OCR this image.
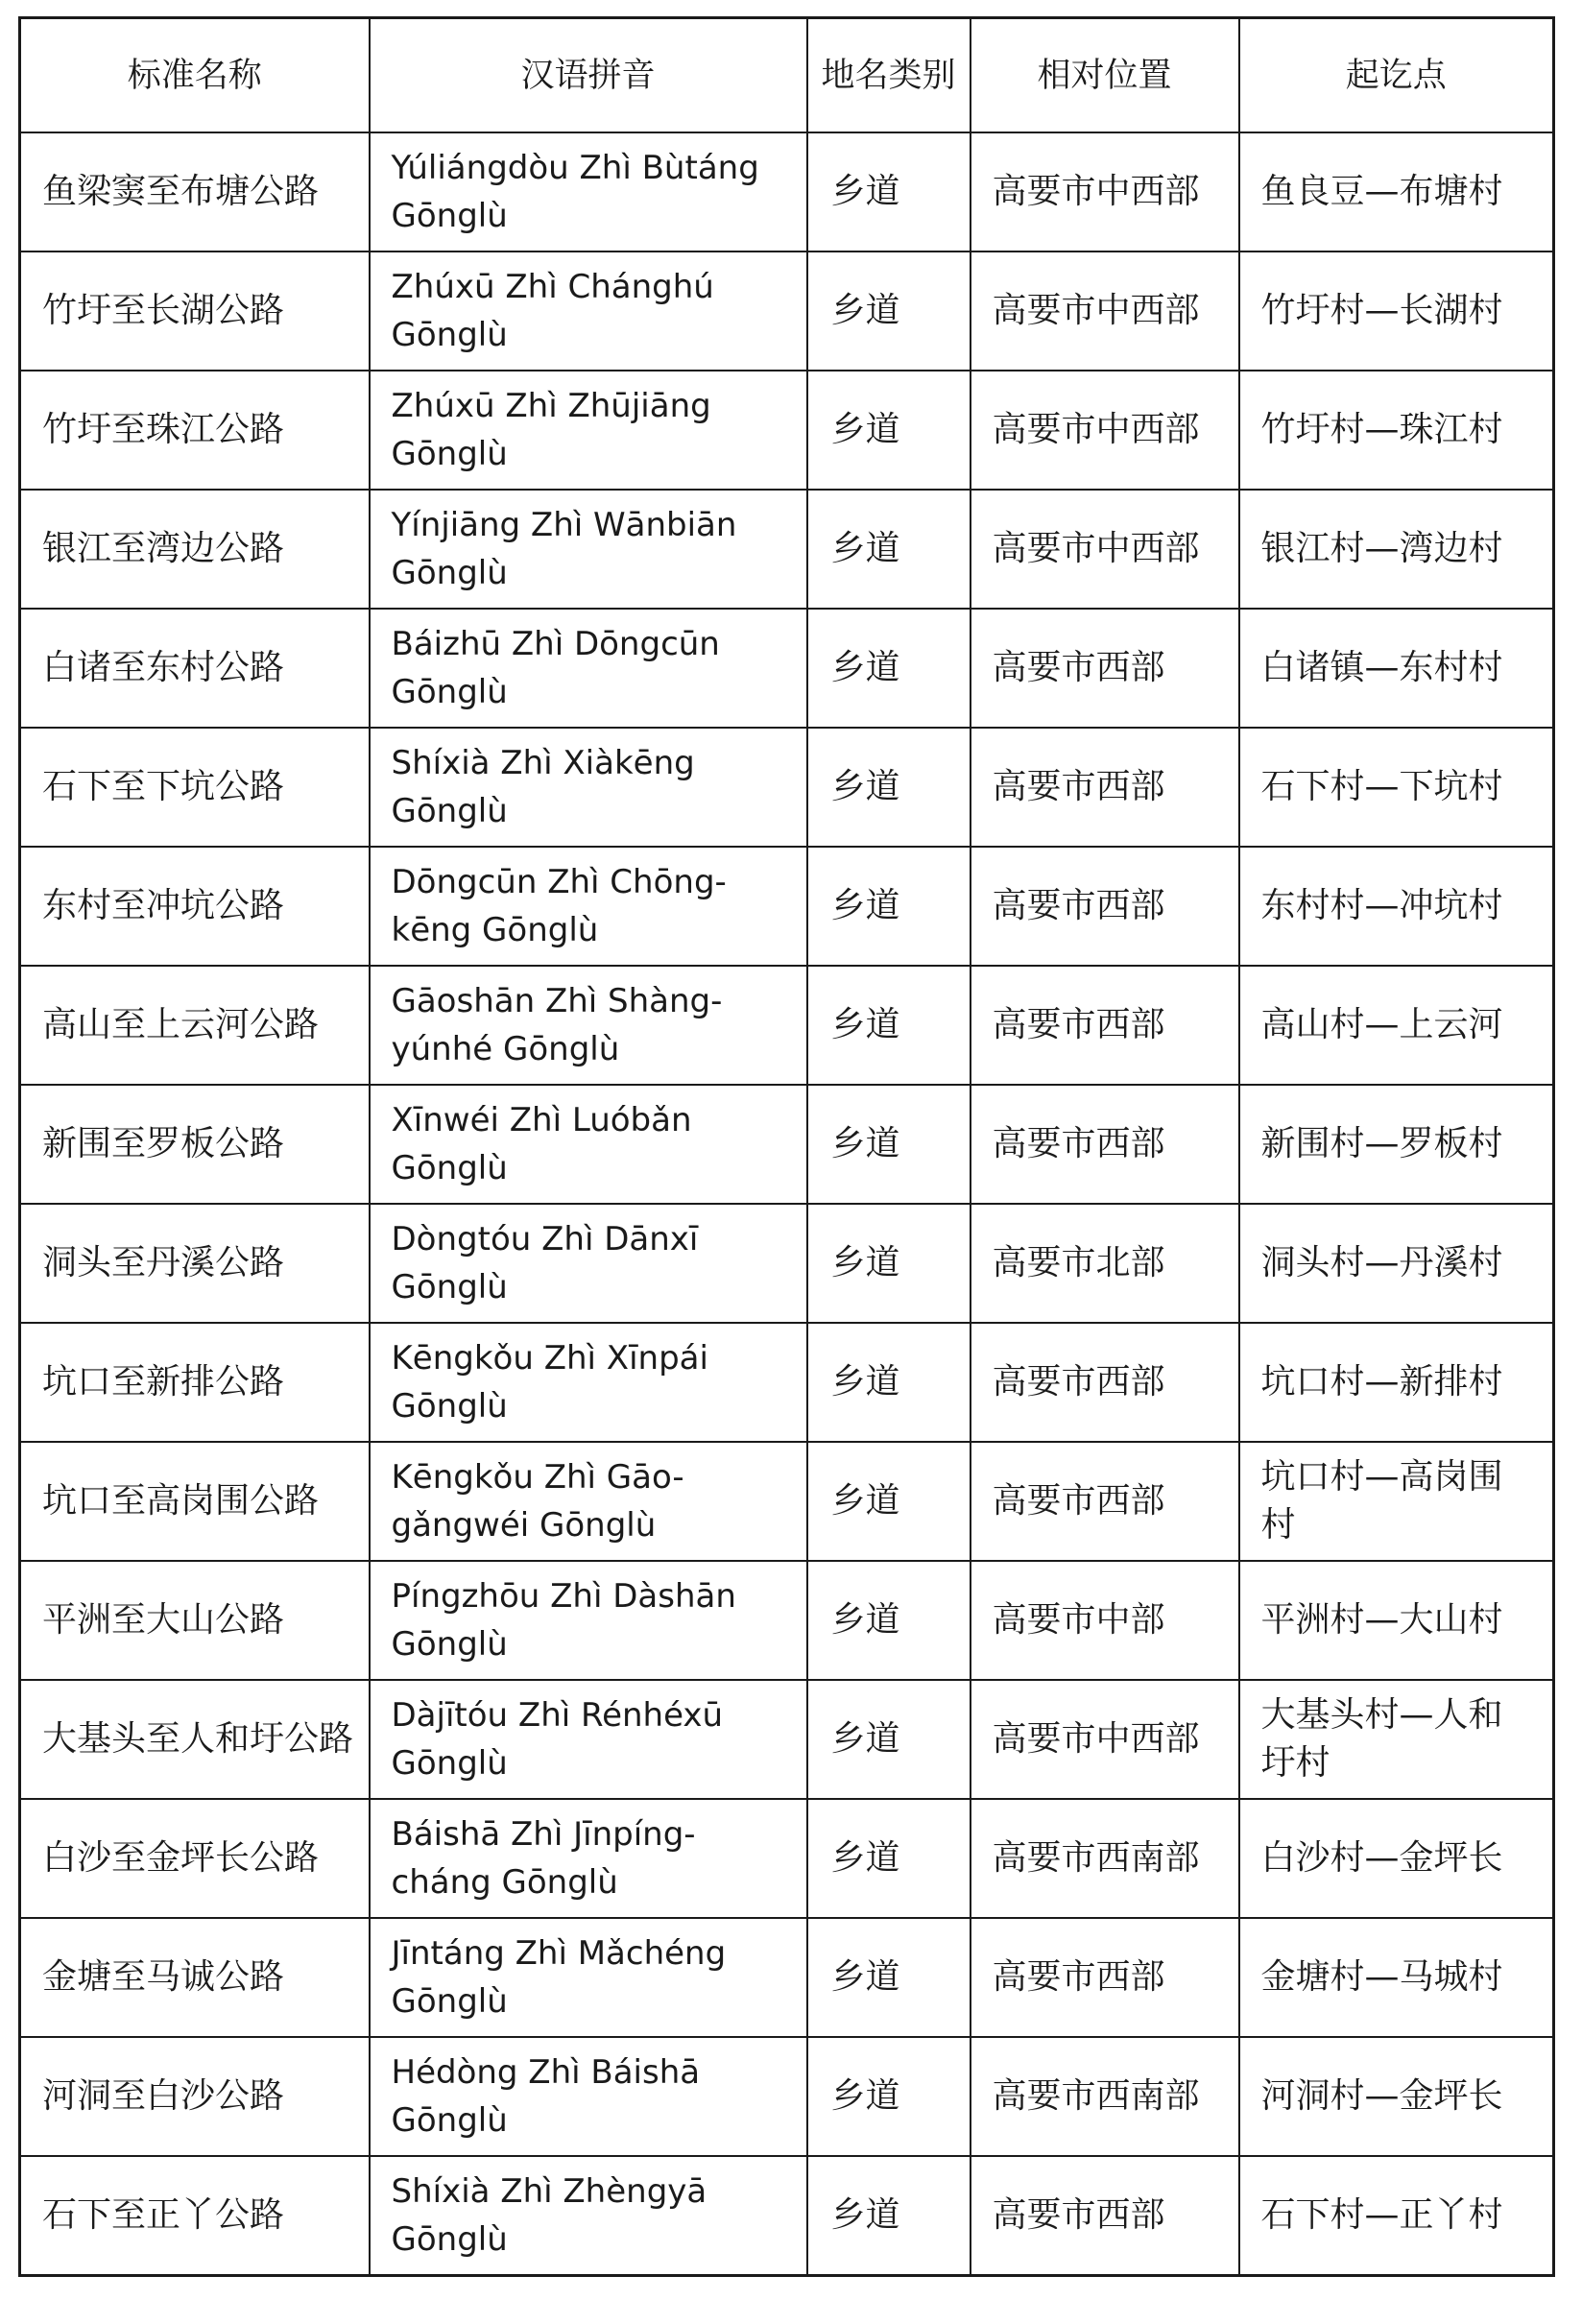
标准名称	汉语拼音	地名类别	相对位置	起讫点
鱼梁窦至布塘公路	Yúliángdòu Zhì Bùtáng Gōnglù	乡道	高要市中西部	鱼良豆—布塘村
竹圩至长湖公路	Zhúxū Zhì Chánghú Gōnglù	乡道	高要市中西部	竹圩村—长湖村
竹圩至珠江公路	Zhúxū Zhì Zhūjiāng Gōnglù	乡道	高要市中西部	竹圩村—珠江村
银江至湾边公路	Yínjiāng Zhì Wānbiān Gōnglù	乡道	高要市中西部	银江村—湾边村
白诸至东村公路	Báizhū Zhì Dōngcūn Gōnglù	乡道	高要市西部	白诸镇—东村村
石下至下坑公路	Shíxià Zhì Xiàkēng Gōnglù	乡道	高要市西部	石下村—下坑村
东村至冲坑公路	Dōngcūn Zhì Chōng-kēng Gōnglù	乡道	高要市西部	东村村—冲坑村
高山至上云河公路	Gāoshān Zhì Shàng-yúnhé Gōnglù	乡道	高要市西部	高山村—上云河
新围至罗板公路	Xīnwéi Zhì Luóbǎn Gōnglù	乡道	高要市西部	新围村—罗板村
洞头至丹溪公路	Dòngtóu Zhì Dānxī Gōnglù	乡道	高要市北部	洞头村—丹溪村
坑口至新排公路	Kēngkǒu Zhì Xīnpái Gōnglù	乡道	高要市西部	坑口村—新排村
坑口至高岗围公路	Kēngkǒu Zhì Gāo-gǎngwéi Gōnglù	乡道	高要市西部	坑口村—高岗围村
平洲至大山公路	Píngzhōu Zhì Dàshān Gōnglù	乡道	高要市中部	平洲村—大山村
大基头至人和圩公路	Dàjītóu Zhì Rénhéxū Gōnglù	乡道	高要市中西部	大基头村—人和圩村
白沙至金坪长公路	Báishā Zhì Jīnpíng-cháng Gōnglù	乡道	高要市西南部	白沙村—金坪长
金塘至马诚公路	Jīntáng Zhì Mǎchéng Gōnglù	乡道	高要市西部	金塘村—马城村
河洞至白沙公路	Hédòng Zhì Báishā Gōnglù	乡道	高要市西南部	河洞村—金坪长
石下至正丫公路	Shíxià Zhì Zhèngyā Gōnglù	乡道	高要市西部	石下村—正丫村
